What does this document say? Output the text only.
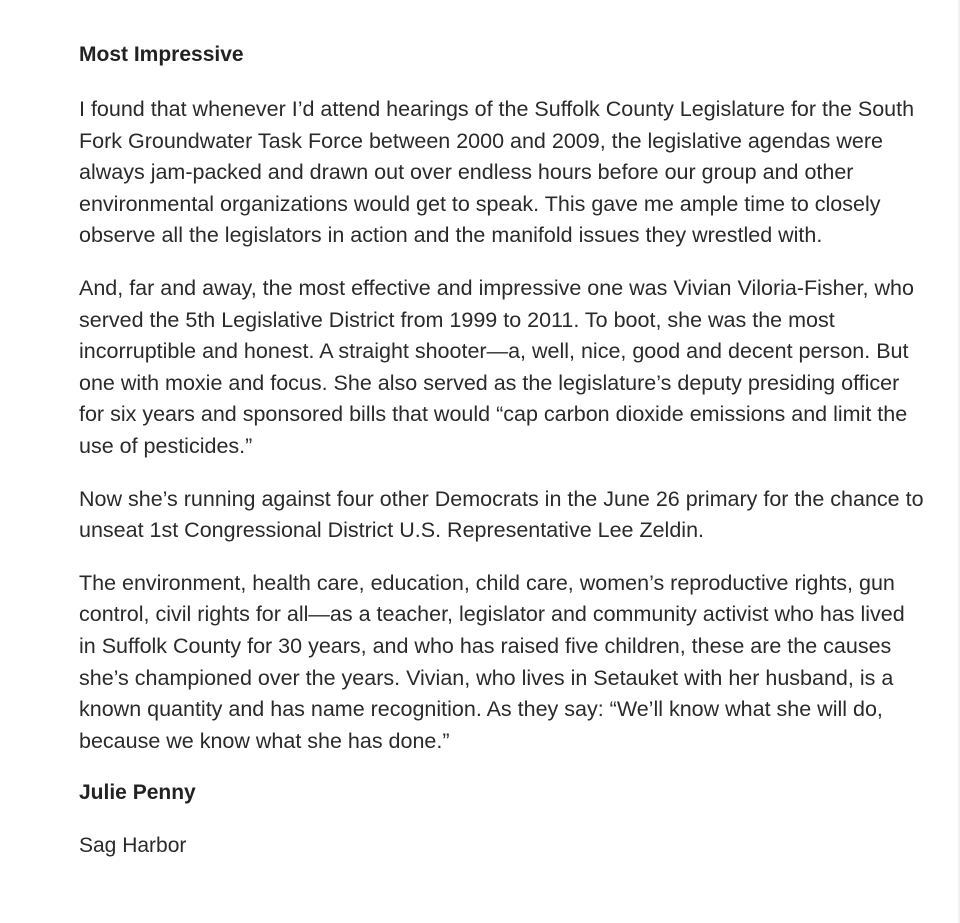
Most Impressive

I found that whenever I’d attend hearings of the Suffolk County Legislature for the South Fork Groundwater Task Force between 2000 and 2009, the legislative agendas were always jam-packed and drawn out over endless hours before our group and other environmental organizations would get to speak. This gave me ample time to closely observe all the legislators in action and the manifold issues they wrestled with.

And, far and away, the most effective and impressive one was Vivian Viloria-Fisher, who served the 5th Legislative District from 1999 to 2011. To boot, she was the most incorruptible and honest. A straight shooter—a, well, nice, good and decent person. But one with moxie and focus. She also served as the legislature’s deputy presiding officer for six years and sponsored bills that would “cap carbon dioxide emissions and limit the use of pesticides.”

Now she’s running against four other Democrats in the June 26 primary for the chance to unseat 1st Congressional District U.S. Representative Lee Zeldin.

The environment, health care, education, child care, women’s reproductive rights, gun control, civil rights for all—as a teacher, legislator and community activist who has lived in Suffolk County for 30 years, and who has raised five children, these are the causes she’s championed over the years. Vivian, who lives in Setauket with her husband, is a known quantity and has name recognition. As they say: “We’ll know what she will do, because we know what she has done.”

Julie Penny
Sag Harbor
